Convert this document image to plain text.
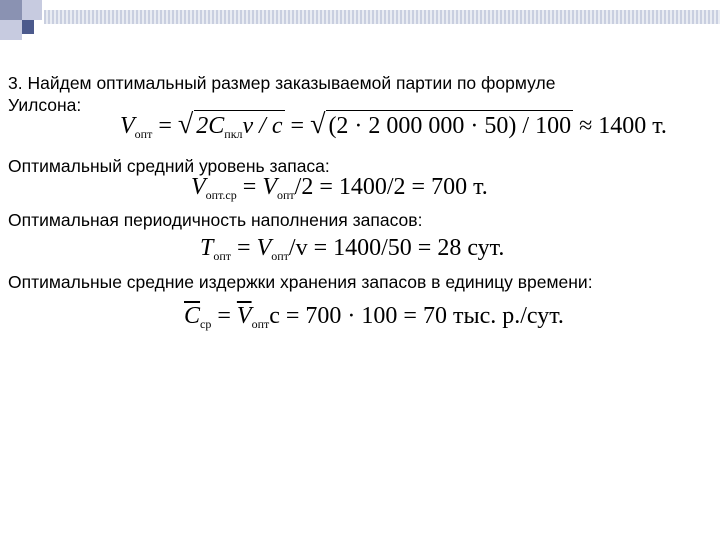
3. Найдем оптимальный размер заказываемой партии по формуле
Уилсона:
$V_{опт}$ = √ $2C_{пкл}v$ / c = √ (2 · 2 000 000 · 50) / 100 ≈ 1400 т.
Оптимальный средний уровень запаса:
$V_{опт.ср} = V_{опт}/2 = 1400/2 = 700$ т.
Оптимальная периодичность наполнения запасов:
$T_{опт} = V_{опт}/v = 1400/50 = 28$ сут.
Оптимальные средние издержки хранения запасов в единицу времени:
$\overline{C}_{ср} = \overline{V}_{опт}c = 700 \cdot 100 = 70$ тыс. р./сут.
